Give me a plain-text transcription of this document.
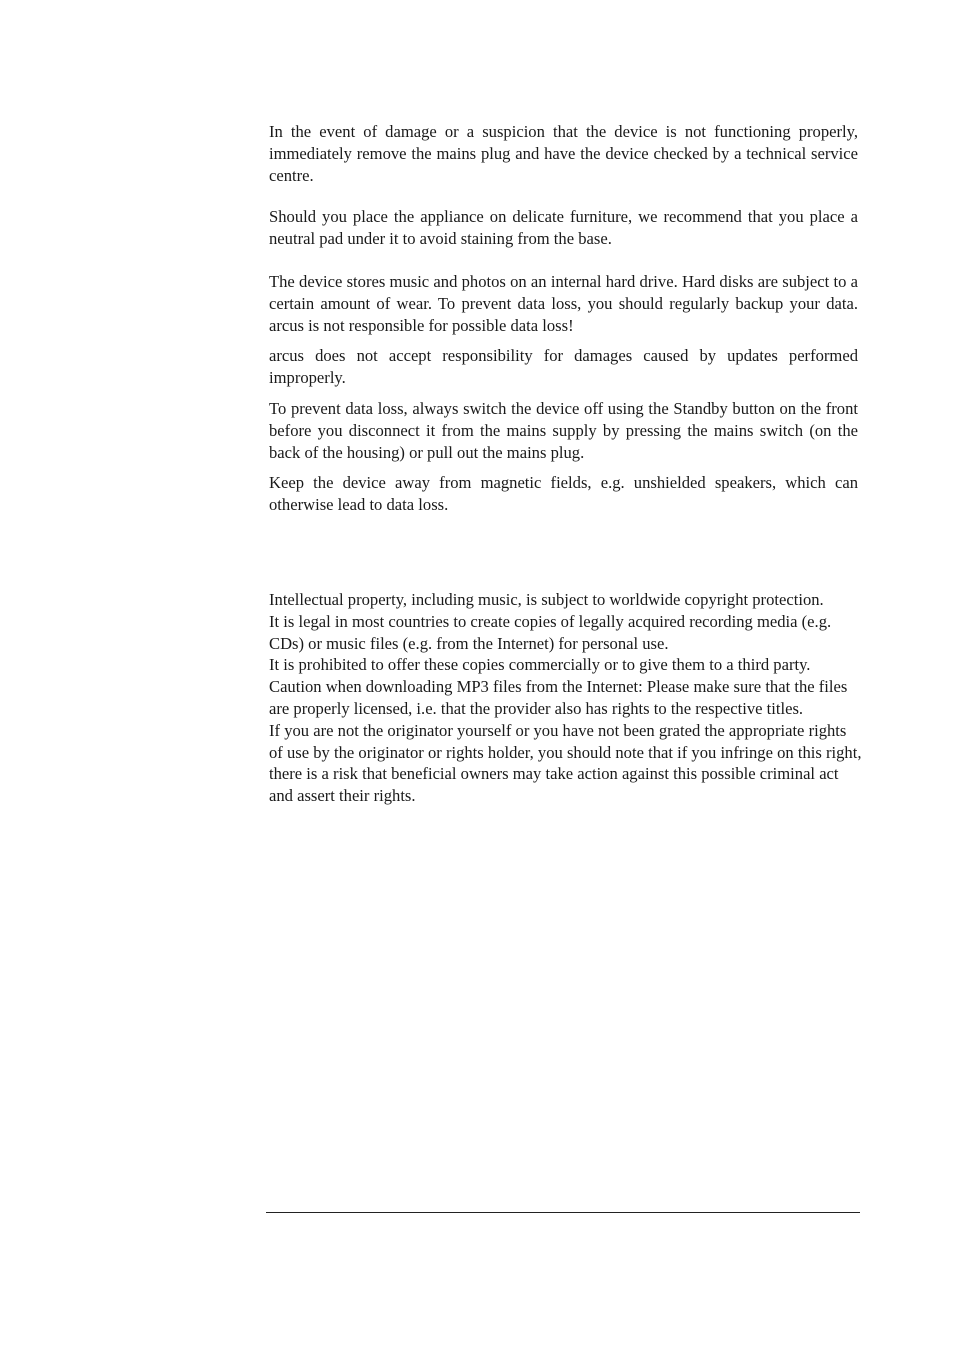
In the event of damage or a suspicion that the device is not functioning properly, immediately remove the mains plug and have the device checked by a technical service centre.

Should you place the appliance on delicate furniture, we recommend that you place a neutral pad under it to avoid staining from the base.

The device stores music and photos on an internal hard drive. Hard disks are subject to a certain amount of wear. To prevent data loss, you should regularly backup your data. arcus is not responsible for possible data loss!

arcus does not accept responsibility for damages caused by updates performed improperly.

To prevent data loss, always switch the device off using the Standby button on the front before you disconnect it from the mains supply by pressing the mains switch (on the back of the housing) or pull out the mains plug.

Keep the device away from magnetic fields, e.g. unshielded speakers, which can otherwise lead to data loss.

Intellectual property, including music, is subject to worldwide copyright protection.

It is legal in most countries to create copies of legally acquired recording media (e.g. CDs) or music files (e.g. from the Internet) for personal use.

It is prohibited to offer these copies commercially or to give them to a third party.

Caution when downloading MP3 files from the Internet: Please make sure that the files are properly licensed, i.e. that the provider also has rights to the respective titles.

If you are not the originator yourself or you have not been grated the appropriate rights of use by the originator or rights holder, you should note that if you infringe on this right, there is a risk that beneficial owners may take action against this possible criminal act and assert their rights.
